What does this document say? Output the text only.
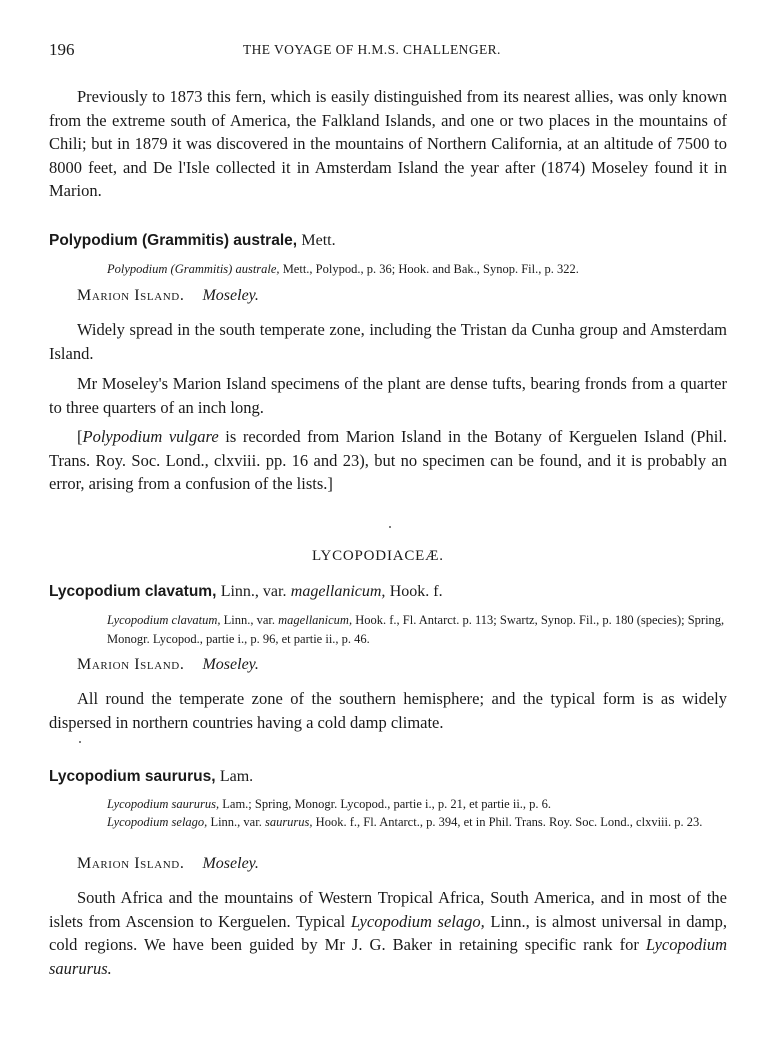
196	THE VOYAGE OF H.M.S. CHALLENGER.
Previously to 1873 this fern, which is easily distinguished from its nearest allies, was only known from the extreme south of America, the Falkland Islands, and one or two places in the mountains of Chili; but in 1879 it was discovered in the mountains of Northern California, at an altitude of 7500 to 8000 feet, and De l'Isle collected it in Amsterdam Island the year after (1874) Moseley found it in Marion.
Polypodium (Grammitis) australe, Mett.
Polypodium (Grammitis) australe, Mett., Polypod., p. 36; Hook. and Bak., Synop. Fil., p. 322.
Marion Island. Moseley.
Widely spread in the south temperate zone, including the Tristan da Cunha group and Amsterdam Island.
Mr Moseley's Marion Island specimens of the plant are dense tufts, bearing fronds from a quarter to three quarters of an inch long.
[Polypodium vulgare is recorded from Marion Island in the Botany of Kerguelen Island (Phil. Trans. Roy. Soc. Lond., clxviii. pp. 16 and 23), but no specimen can be found, and it is probably an error, arising from a confusion of the lists.]
LYCOPODIACEÆ.
Lycopodium clavatum, Linn., var. magellanicum, Hook. f.
Lycopodium clavatum, Linn., var. magellanicum, Hook. f., Fl. Antarct. p. 113; Swartz, Synop. Fil., p. 180 (species); Spring, Monogr. Lycopod., partie i., p. 96, et partie ii., p. 46.
Marion Island. Moseley.
All round the temperate zone of the southern hemisphere; and the typical form is as widely dispersed in northern countries having a cold damp climate.
Lycopodium saururus, Lam.
Lycopodium saururus, Lam.; Spring, Monogr. Lycopod., partie i., p. 21, et partie ii., p. 6.
Lycopodium selago, Linn., var. saururus, Hook. f., Fl. Antarct., p. 394, et in Phil. Trans. Roy. Soc. Lond., clxviii. p. 23.
Marion Island. Moseley.
South Africa and the mountains of Western Tropical Africa, South America, and in most of the islets from Ascension to Kerguelen. Typical Lycopodium selago, Linn., is almost universal in damp, cold regions. We have been guided by Mr J. G. Baker in retaining specific rank for Lycopodium saururus.
